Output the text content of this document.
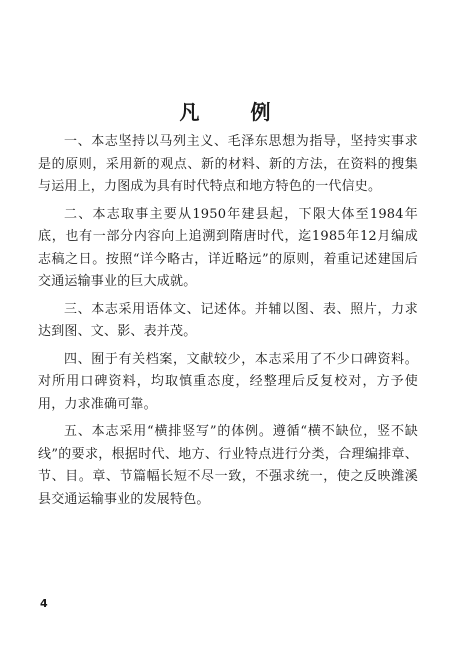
凡 例

一、本志坚持以马列主义、毛泽东思想为指导，坚持实事求是的原则，采用新的观点、新的材料、新的方法，在资料的搜集与运用上，力图成为具有时代特点和地方特色的一代信史。

二、本志取事主要从1950年建县起，下限大体至1984年底，也有一部分内容向上追溯到隋唐时代，迄1985年12月编成志稿之日。按照“详今略古，详近略远”的原则，着重记述建国后交通运输事业的巨大成就。

三、本志采用语体文、记述体。并辅以图、表、照片，力求达到图、文、影、表并茂。

四、囿于有关档案，文献较少，本志采用了不少口碑资料。对所用口碑资料，均取慎重态度，经整理后反复校对，方予使用，力求准确可靠。

五、本志采用“横排竖写”的体例。遵循“横不缺位，竖不缺线”的要求，根据时代、地方、行业特点进行分类，合理编排章、节、目。章、节篇幅长短不尽一致，不强求统一，使之反映潍溪县交通运输事业的发展特色。

4
